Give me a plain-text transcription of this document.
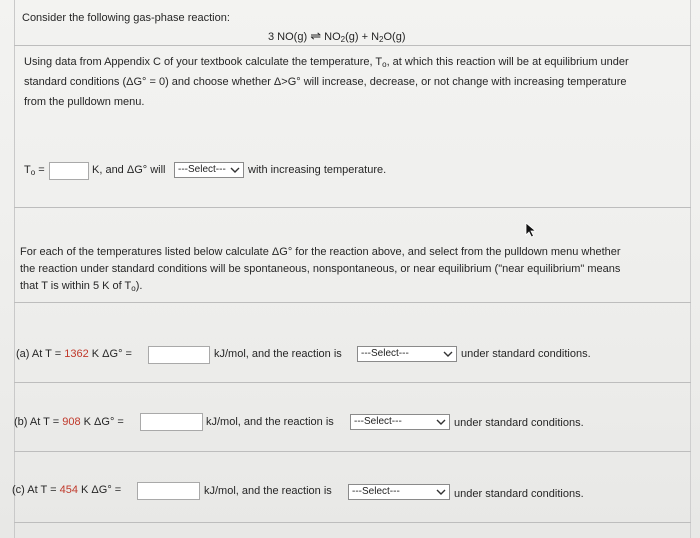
Consider the following gas-phase reaction:
3 NO(g) ⇌ $NO_2(g) + N_2O(g)$
Using data from Appendix C of your textbook calculate the temperature, $T_o$, at which this reaction will be at equilibrium under
standard conditions (ΔG° = 0) and choose whether Δ>G° will increase, decrease, or not change with increasing temperature
from the pulldown menu.
$T_o$ =	K, and ΔG° will	---Select---	with increasing temperature.
For each of the temperatures listed below calculate ΔG° for the reaction above, and select from the pulldown menu whether
the reaction under standard conditions will be spontaneous, nonspontaneous, or near equilibrium ("near equilibrium" means
that T is within 5 K of $T_o$).
(a) At T = 1362 K ΔG° =	kJ/mol, and the reaction is	---Select---	under standard conditions.
(b) At T = 908 K ΔG° =	kJ/mol, and the reaction is	---Select---	under standard conditions.
(c) At T = 454 K ΔG° =	kJ/mol, and the reaction is	---Select---	under standard conditions.
